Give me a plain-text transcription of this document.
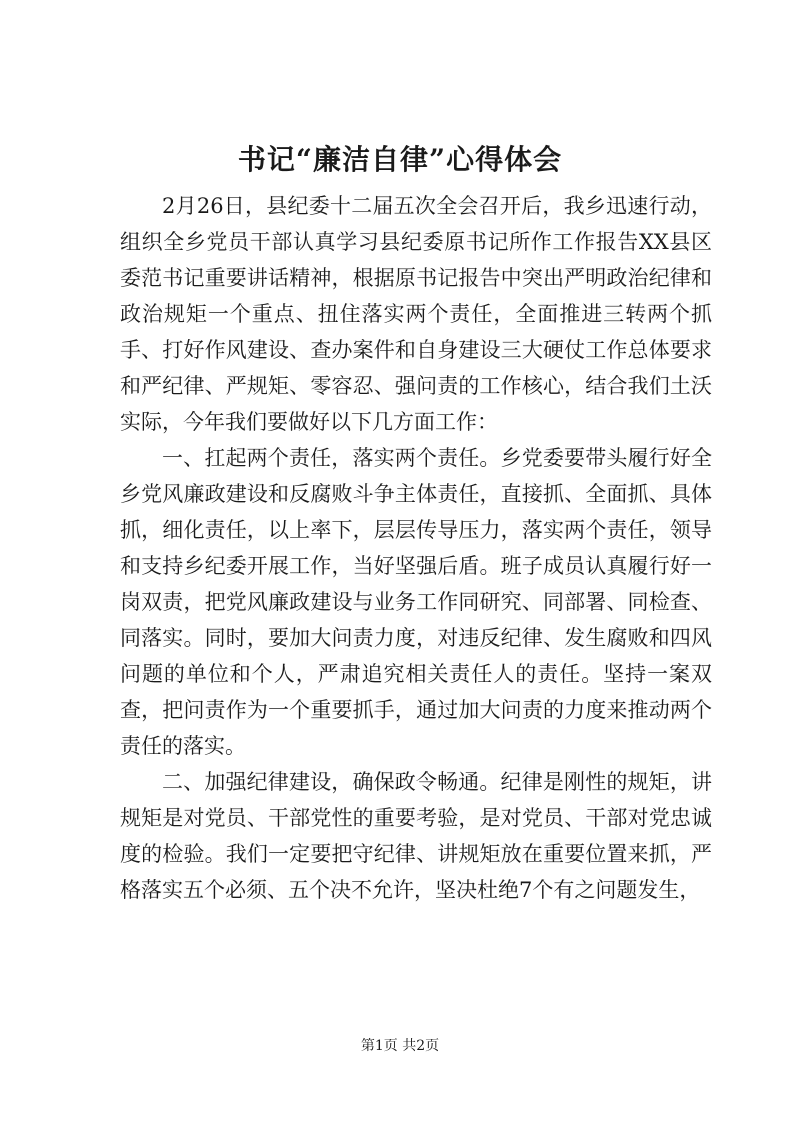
书记“廉洁自律”心得体会

2月26日，县纪委十二届五次全会召开后，我乡迅速行动，组织全乡党员干部认真学习县纪委原书记所作工作报告XX县区委范书记重要讲话精神，根据原书记报告中突出严明政治纪律和政治规矩一个重点、扭住落实两个责任，全面推进三转两个抓手、打好作风建设、查办案件和自身建设三大硬仗工作总体要求和严纪律、严规矩、零容忍、强问责的工作核心，结合我们土沃实际，今年我们要做好以下几方面工作：

一、扛起两个责任，落实两个责任。乡党委要带头履行好全乡党风廉政建设和反腐败斗争主体责任，直接抓、全面抓、具体抓，细化责任，以上率下，层层传导压力，落实两个责任，领导和支持乡纪委开展工作，当好坚强后盾。班子成员认真履行好一岗双责，把党风廉政建设与业务工作同研究、同部署、同检查、同落实。同时，要加大问责力度，对违反纪律、发生腐败和四风问题的单位和个人，严肃追究相关责任人的责任。坚持一案双查，把问责作为一个重要抓手，通过加大问责的力度来推动两个责任的落实。

二、加强纪律建设，确保政令畅通。纪律是刚性的规矩，讲规矩是对党员、干部党性的重要考验，是对党员、干部对党忠诚度的检验。我们一定要把守纪律、讲规矩放在重要位置来抓，严格落实五个必须、五个决不允许，坚决杜绝7个有之问题发生，

第1页 共2页
